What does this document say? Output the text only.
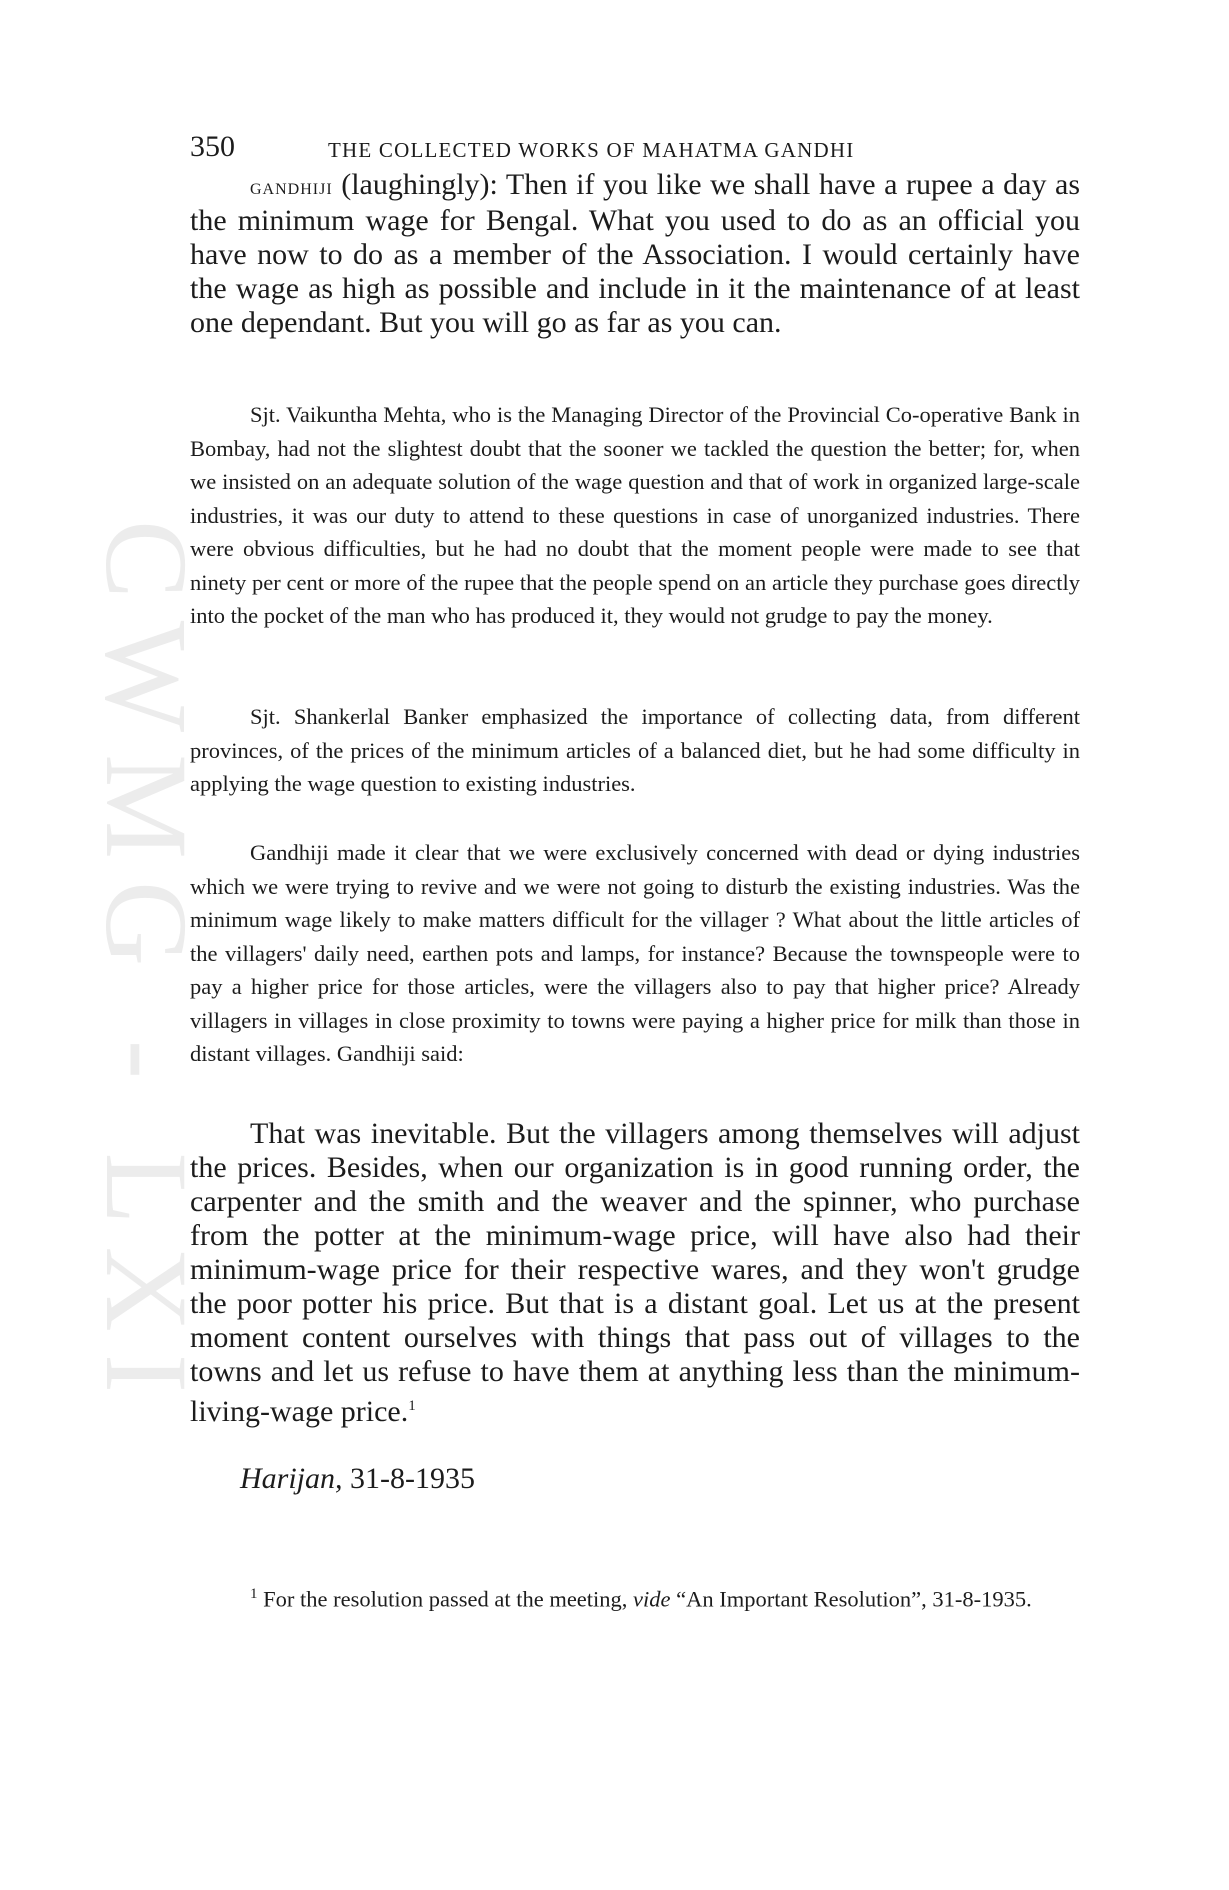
CWMG - LXI
350	THE COLLECTED WORKS OF MAHATMA GANDHI

gandhiji (laughingly): Then if you like we shall have a rupee a day as the minimum wage for Bengal. What you used to do as an official you have now to do as a member of the Association. I would certainly have the wage as high as possible and include in it the maintenance of at least one dependant. But you will go as far as you can.

Sjt. Vaikuntha Mehta, who is the Managing Director of the Provincial Co-operative Bank in Bombay, had not the slightest doubt that the sooner we tackled the question the better; for, when we insisted on an adequate solution of the wage question and that of work in organized large-scale industries, it was our duty to attend to these questions in case of unorganized industries. There were obvious difficulties, but he had no doubt that the moment people were made to see that ninety per cent or more of the rupee that the people spend on an article they purchase goes directly into the pocket of the man who has produced it, they would not grudge to pay the money.

Sjt. Shankerlal Banker emphasized the importance of collecting data, from different provinces, of the prices of the minimum articles of a balanced diet, but he had some difficulty in applying the wage question to existing industries.

Gandhiji made it clear that we were exclusively concerned with dead or dying industries which we were trying to revive and we were not going to disturb the existing industries. Was the minimum wage likely to make matters difficult for the villager ? What about the little articles of the villagers' daily need, earthen pots and lamps, for instance? Because the townspeople were to pay a higher price for those articles, were the villagers also to pay that higher price? Already villagers in villages in close proximity to towns were paying a higher price for milk than those in distant villages. Gandhiji said:

That was inevitable. But the villagers among themselves will adjust the prices. Besides, when our organization is in good running order, the carpenter and the smith and the weaver and the spinner, who purchase from the potter at the minimum-wage price, will have also had their minimum-wage price for their respective wares, and they won't grudge the poor potter his price. But that is a distant goal. Let us at the present moment content ourselves with things that pass out of villages to the towns and let us refuse to have them at anything less than the minimum-living-wage price.$^1$

Harijan, 31-8-1935

$^1$ For the resolution passed at the meeting, vide “An Important Resolution”, 31-8-1935.
